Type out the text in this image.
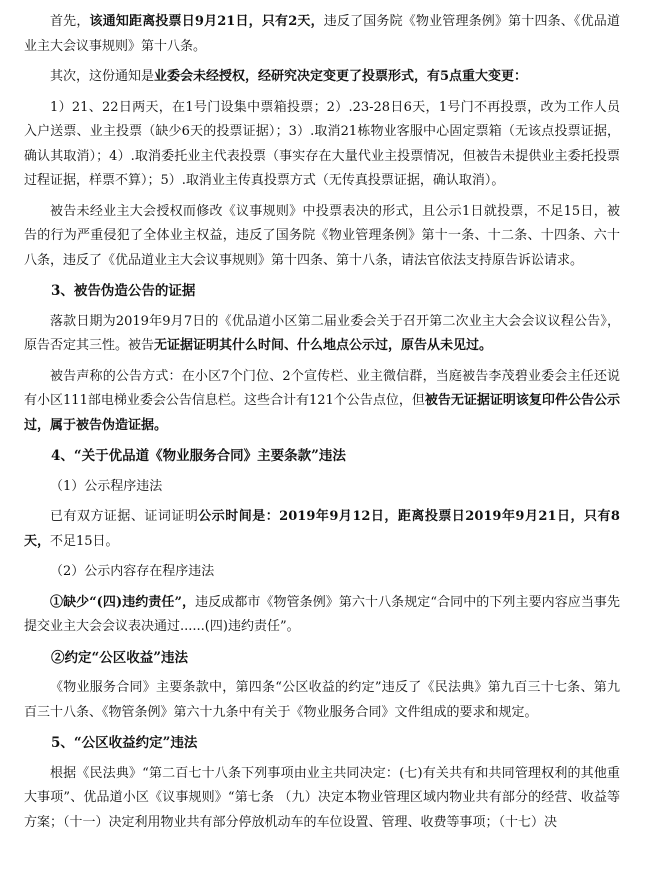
首先，该通知距离投票日9月21日，只有2天，违反了国务院《物业管理条例》第十四条、《优品道业主大会议事规则》第十八条。

其次，这份通知是业委会未经授权，经研究决定变更了投票形式，有5点重大变更：

1）21、22日两天，在1号门设集中票箱投票；2）.23-28日6天，1号门不再投票，改为工作人员入户送票、业主投票（缺少6天的投票证据）；3）.取消21栋物业客服中心固定票箱（无该点投票证据，确认其取消）；4）.取消委托业主代表投票（事实存在大量代业主投票情况，但被告未提供业主委托投票过程证据，样票不算）；5）.取消业主传真投票方式（无传真投票证据，确认取消）。

被告未经业主大会授权而修改《议事规则》中投票表决的形式，且公示1日就投票，不足15日，被告的行为严重侵犯了全体业主权益，违反了国务院《物业管理条例》第十一条、十二条、十四条、六十八条，违反了《优品道业主大会议事规则》第十四条、第十八条，请法官依法支持原告诉讼请求。

3、被告伪造公告的证据

落款日期为2019年9月7日的《优品道小区第二届业委会关于召开第二次业主大会会议议程公告》，原告否定其三性。被告无证据证明其什么时间、什么地点公示过，原告从未见过。

被告声称的公告方式：在小区7个门位、2个宣传栏、业主微信群，当庭被告李茂碧业委会主任还说有小区111部电梯业委会公告信息栏。这些合计有121个公告点位，但被告无证据证明该复印件公告公示过，属于被告伪造证据。

4、“关于优品道《物业服务合同》主要条款”违法

（1）公示程序违法

已有双方证据、证词证明公示时间是：2019年9月12日，距离投票日2019年9月21日，只有8天，不足15日。

（2）公示内容存在程序违法

①缺少“(四)违约责任”，违反成都市《物管条例》第六十八条规定“合同中的下列主要内容应当事先提交业主大会会议表决通过......(四)违约责任”。

②约定“公区收益”违法

《物业服务合同》主要条款中，第四条“公区收益的约定”违反了《民法典》第九百三十七条、第九百三十八条、《物管条例》第六十九条中有关于《物业服务合同》文件组成的要求和规定。

5、“公区收益约定”违法

根据《民法典》“第二百七十八条下列事项由业主共同决定：(七)有关共有和共同管理权利的其他重大事项”、优品道小区《议事规则》“第七条 （九）决定本物业管理区域内物业共有部分的经营、收益等方案；（十一）决定利用物业共有部分停放机动车的车位设置、管理、收费等事项；（十七）决
